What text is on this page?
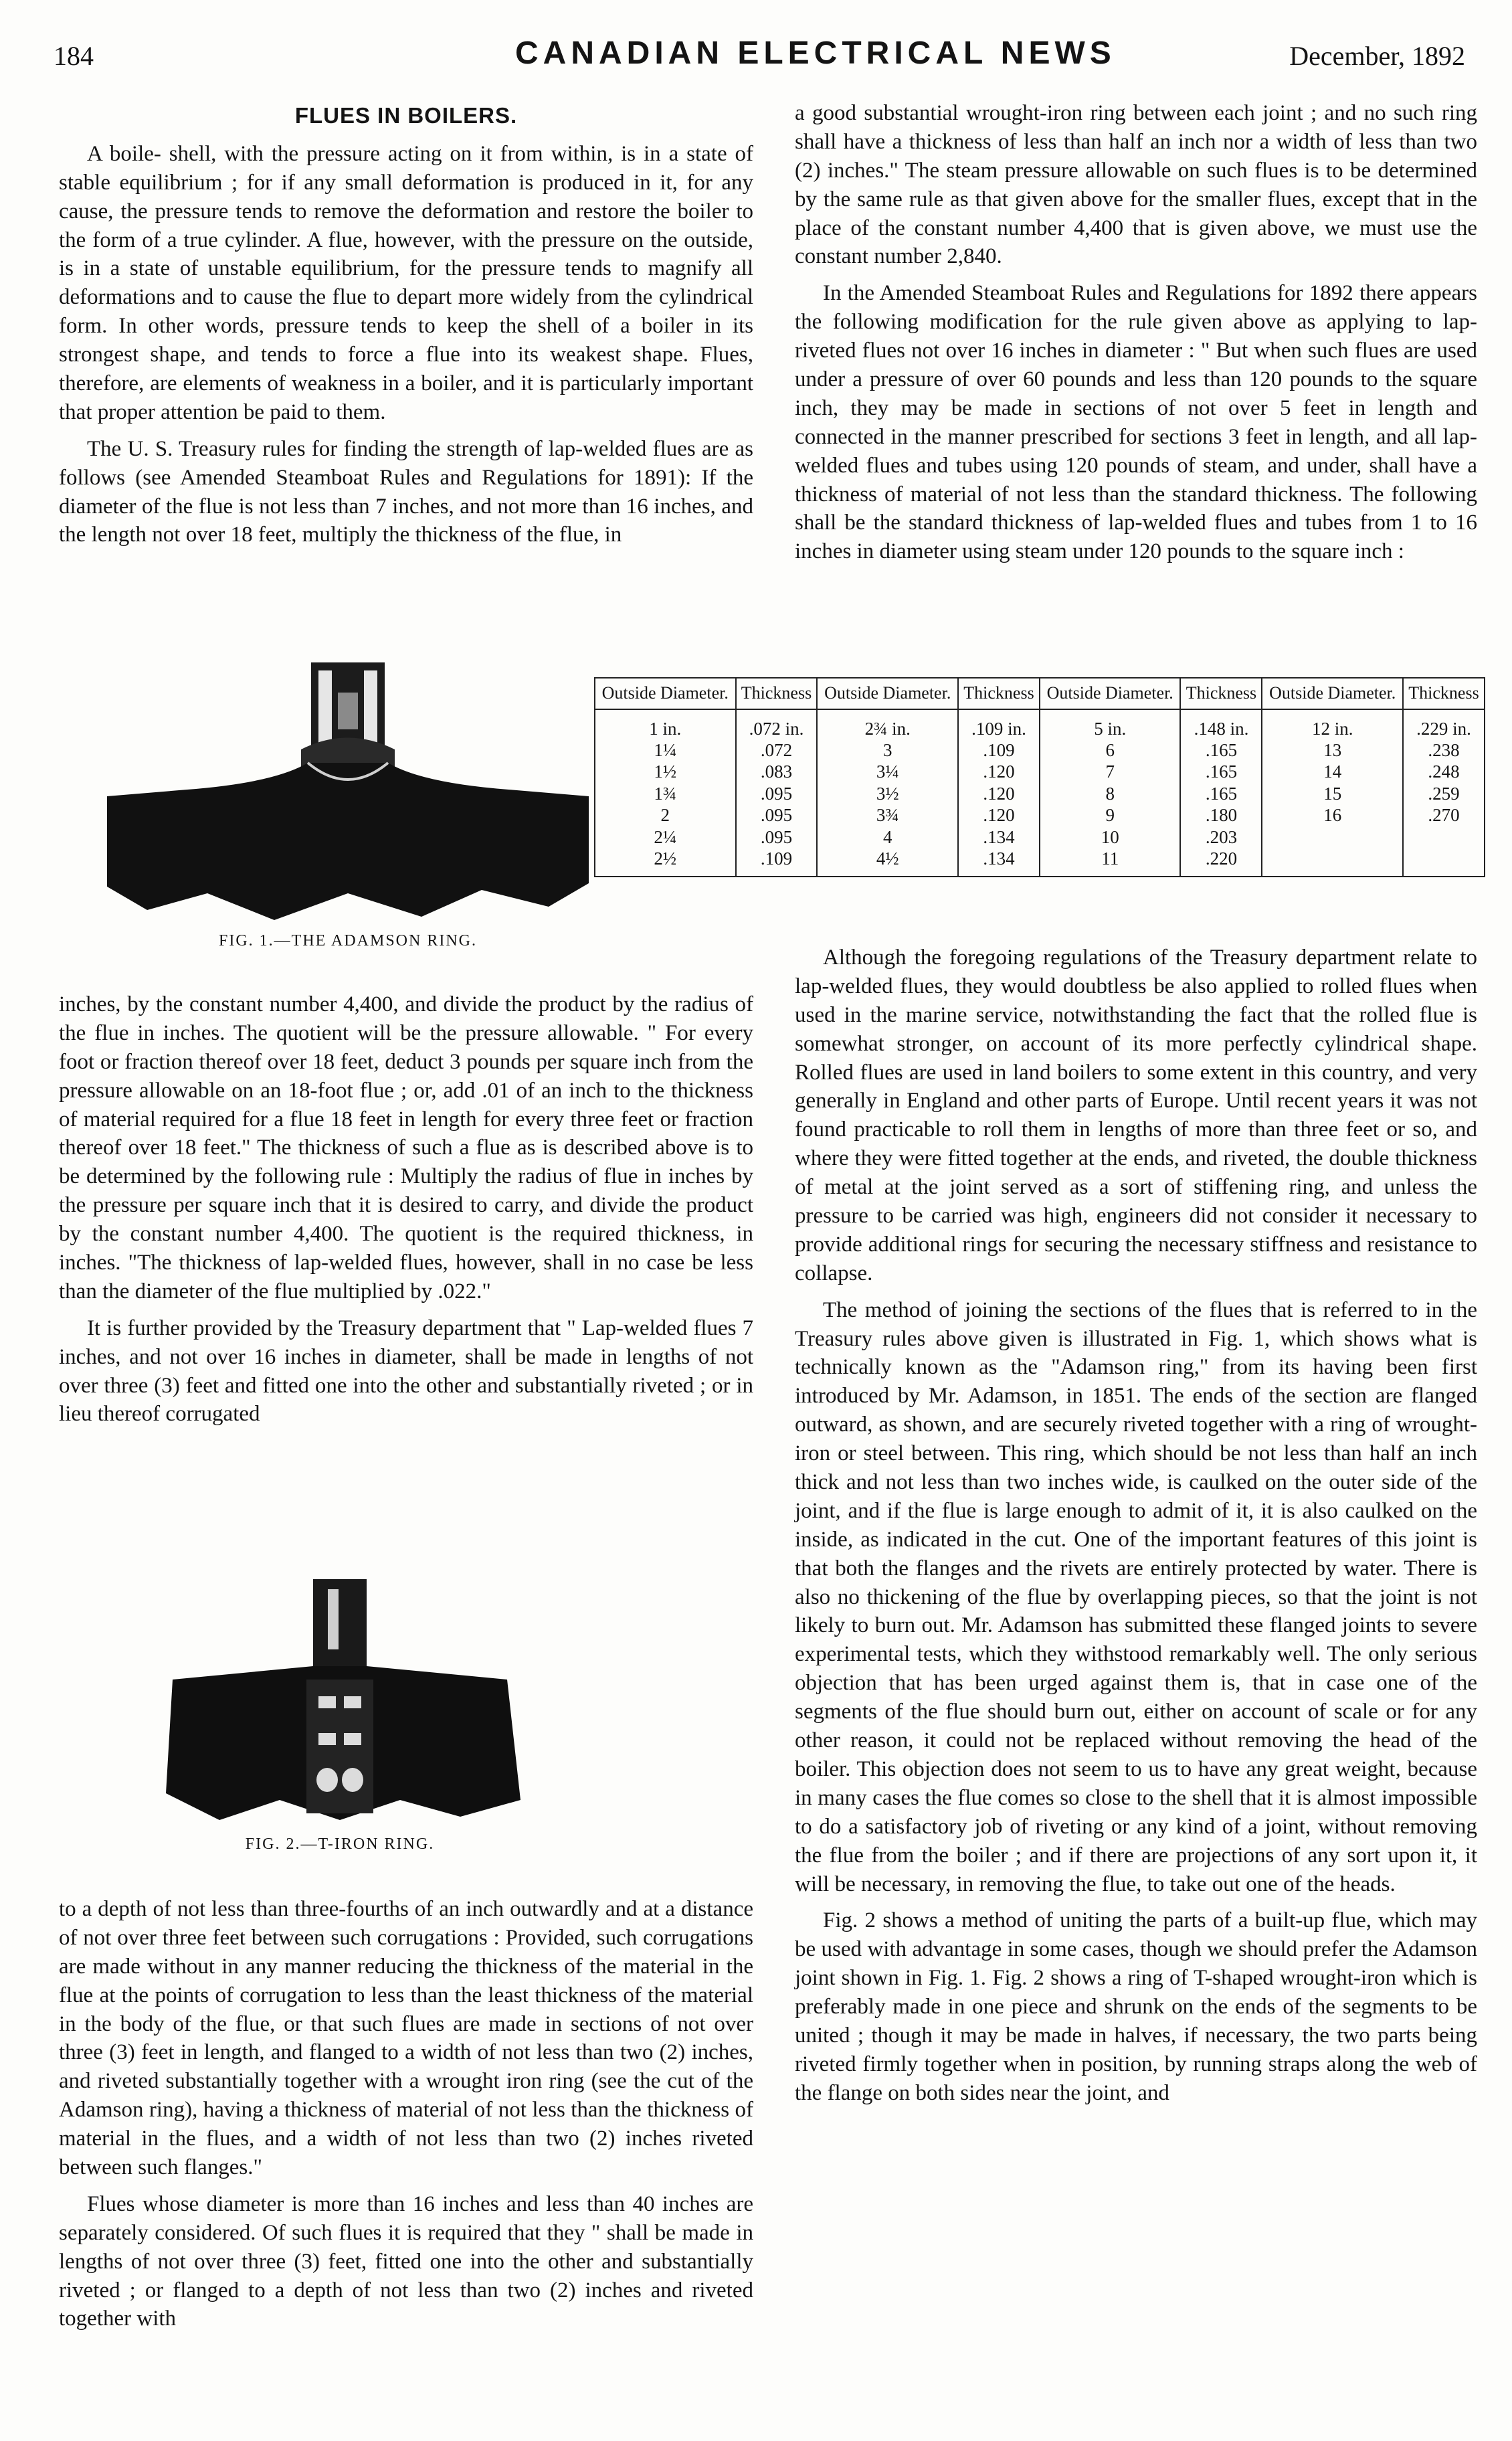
184	CANADIAN ELECTRICAL NEWS	December, 1892
FLUES IN BOILERS.

A boile- shell, with the pressure acting on it from within, is in a state of stable equilibrium ; for if any small deformation is produced in it, for any cause, the pressure tends to remove the deformation and restore the boiler to the form of a true cylinder. A flue, however, with the pressure on the outside, is in a state of unstable equilibrium, for the pressure tends to magnify all deformations and to cause the flue to depart more widely from the cylindrical form. In other words, pressure tends to keep the shell of a boiler in its strongest shape, and tends to force a flue into its weakest shape. Flues, therefore, are elements of weakness in a boiler, and it is particularly important that proper attention be paid to them.

The U. S. Treasury rules for finding the strength of lap-welded flues are as follows (see Amended Steamboat Rules and Regulations for 1891): If the diameter of the flue is not less than 7 inches, and not more than 16 inches, and the length not over 18 feet, multiply the thickness of the flue, in

FIG. 1.—THE ADAMSON RING.

inches, by the constant number 4,400, and divide the product by the radius of the flue in inches. The quotient will be the pressure allowable. " For every foot or fraction thereof over 18 feet, deduct 3 pounds per square inch from the pressure allowable on an 18-foot flue ; or, add .01 of an inch to the thickness of material required for a flue 18 feet in length for every three feet or fraction thereof over 18 feet." The thickness of such a flue as is described above is to be determined by the following rule : Multiply the radius of flue in inches by the pressure per square inch that it is desired to carry, and divide the product by the constant number 4,400. The quotient is the required thickness, in inches. "The thickness of lap-welded flues, however, shall in no case be less than the diameter of the flue multiplied by .022."

It is further provided by the Treasury department that " Lap-welded flues 7 inches, and not over 16 inches in diameter, shall be made in lengths of not over three (3) feet and fitted one into the other and substantially riveted ; or in lieu thereof corrugated

FIG. 2.—T-IRON RING.

to a depth of not less than three-fourths of an inch outwardly and at a distance of not over three feet between such corrugations : Provided, such corrugations are made without in any manner reducing the thickness of the material in the flue at the points of corrugation to less than the least thickness of the material in the body of the flue, or that such flues are made in sections of not over three (3) feet in length, and flanged to a width of not less than two (2) inches, and riveted substantially together with a wrought iron ring (see the cut of the Adamson ring), having a thickness of material of not less than the thickness of material in the flues, and a width of not less than two (2) inches riveted between such flanges."

Flues whose diameter is more than 16 inches and less than 40 inches are separately considered. Of such flues it is required that they " shall be made in lengths of not over three (3) feet, fitted one into the other and substantially riveted ; or flanged to a depth of not less than two (2) inches and riveted together with

a good substantial wrought-iron ring between each joint ; and no such ring shall have a thickness of less than half an inch nor a width of less than two (2) inches." The steam pressure allowable on such flues is to be determined by the same rule as that given above for the smaller flues, except that in the place of the constant number 4,400 that is given above, we must use the constant number 2,840.

In the Amended Steamboat Rules and Regulations for 1892 there appears the following modification for the rule given above as applying to lap-riveted flues not over 16 inches in diameter : " But when such flues are used under a pressure of over 60 pounds and less than 120 pounds to the square inch, they may be made in sections of not over 5 feet in length and connected in the manner prescribed for sections 3 feet in length, and all lap-welded flues and tubes using 120 pounds of steam, and under, shall have a thickness of material of not less than the standard thickness. The following shall be the standard thickness of lap-welded flues and tubes from 1 to 16 inches in diameter using steam under 120 pounds to the square inch :

Outside Diameter.	Thickness	Outside Diameter.	Thickness	Outside Diameter.	Thickness	Outside Diameter.	Thickness
1 in.	.072 in.	2¾ in.	.109 in.	5 in.	.148 in.	12 in.	.229 in.
1¼	.072	3	.109	6	.165	13	.238
1½	.083	3¼	.120	7	.165	14	.248
1¾	.095	3½	.120	8	.165	15	.259
2	.095	3¾	.120	9	.180	16	.270
2¼	.095	4	.134	10	.203		
2½	.109	4½	.134	11	.220		

Although the foregoing regulations of the Treasury department relate to lap-welded flues, they would doubtless be also applied to rolled flues when used in the marine service, notwithstanding the fact that the rolled flue is somewhat stronger, on account of its more perfectly cylindrical shape. Rolled flues are used in land boilers to some extent in this country, and very generally in England and other parts of Europe. Until recent years it was not found practicable to roll them in lengths of more than three feet or so, and where they were fitted together at the ends, and riveted, the double thickness of metal at the joint served as a sort of stiffening ring, and unless the pressure to be carried was high, engineers did not consider it necessary to provide additional rings for securing the necessary stiffness and resistance to collapse.

The method of joining the sections of the flues that is referred to in the Treasury rules above given is illustrated in Fig. 1, which shows what is technically known as the "Adamson ring," from its having been first introduced by Mr. Adamson, in 1851. The ends of the section are flanged outward, as shown, and are securely riveted together with a ring of wrought-iron or steel between. This ring, which should be not less than half an inch thick and not less than two inches wide, is caulked on the outer side of the joint, and if the flue is large enough to admit of it, it is also caulked on the inside, as indicated in the cut. One of the important features of this joint is that both the flanges and the rivets are entirely protected by water. There is also no thickening of the flue by overlapping pieces, so that the joint is not likely to burn out. Mr. Adamson has submitted these flanged joints to severe experimental tests, which they withstood remarkably well. The only serious objection that has been urged against them is, that in case one of the segments of the flue should burn out, either on account of scale or for any other reason, it could not be replaced without removing the head of the boiler. This objection does not seem to us to have any great weight, because in many cases the flue comes so close to the shell that it is almost impossible to do a satisfactory job of riveting or any kind of a joint, without removing the flue from the boiler ; and if there are projections of any sort upon it, it will be necessary, in removing the flue, to take out one of the heads.

Fig. 2 shows a method of uniting the parts of a built-up flue, which may be used with advantage in some cases, though we should prefer the Adamson joint shown in Fig. 1. Fig. 2 shows a ring of T-shaped wrought-iron which is preferably made in one piece and shrunk on the ends of the segments to be united ; though it may be made in halves, if necessary, the two parts being riveted firmly together when in position, by running straps along the web of the flange on both sides near the joint, and
